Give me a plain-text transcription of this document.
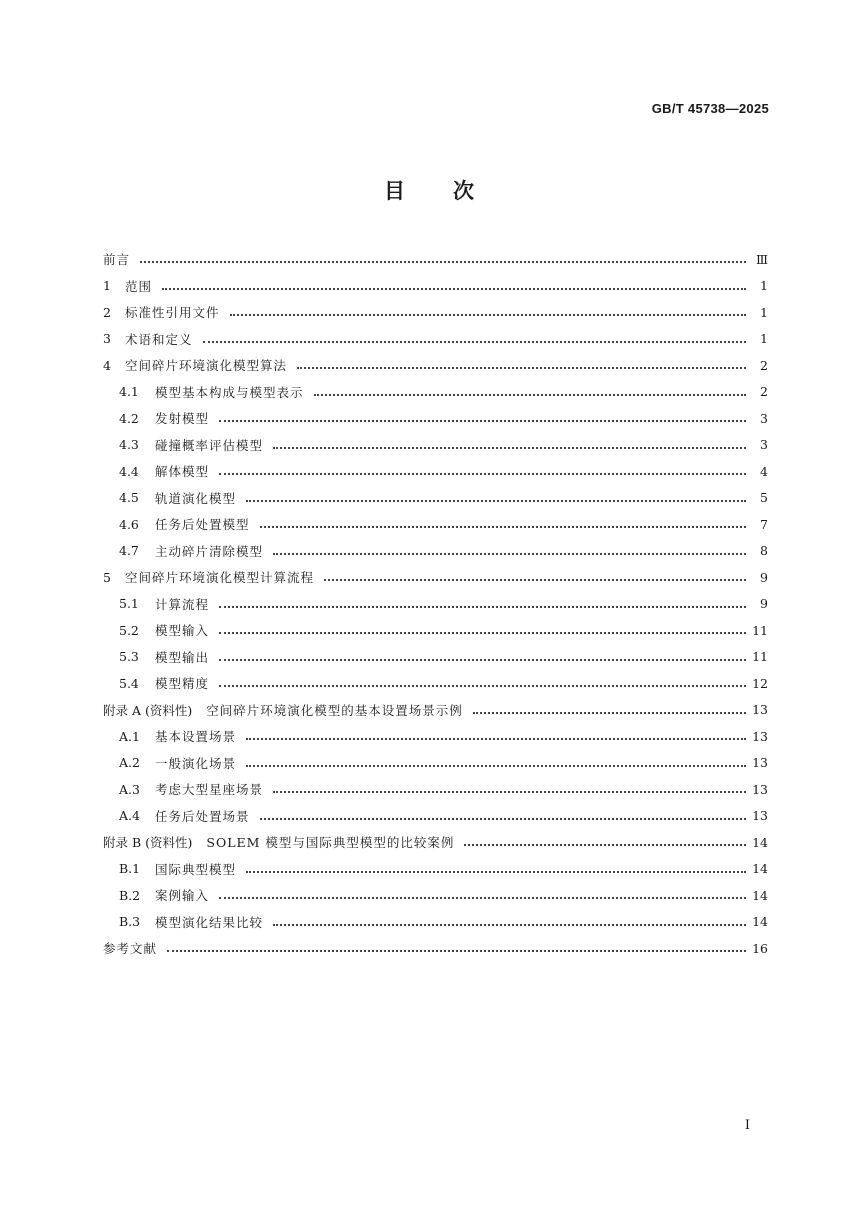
GB/T 45738—2025
目 次
前言	Ⅲ
1	范围	1
2	标准性引用文件	1
3	术语和定义	1
4	空间碎片环境演化模型算法	2
4.1	模型基本构成与模型表示	2
4.2	发射模型	3
4.3	碰撞概率评估模型	3
4.4	解体模型	4
4.5	轨道演化模型	5
4.6	任务后处置模型	7
4.7	主动碎片清除模型	8
5	空间碎片环境演化模型计算流程	9
5.1	计算流程	9
5.2	模型输入	11
5.3	模型输出	11
5.4	模型精度	12
附录 A (资料性) 空间碎片环境演化模型的基本设置场景示例	13
A.1	基本设置场景	13
A.2	一般演化场景	13
A.3	考虑大型星座场景	13
A.4	任务后处置场景	13
附录 B (资料性) SOLEM 模型与国际典型模型的比较案例	14
B.1	国际典型模型	14
B.2	案例输入	14
B.3	模型演化结果比较	14
参考文献	16
I
